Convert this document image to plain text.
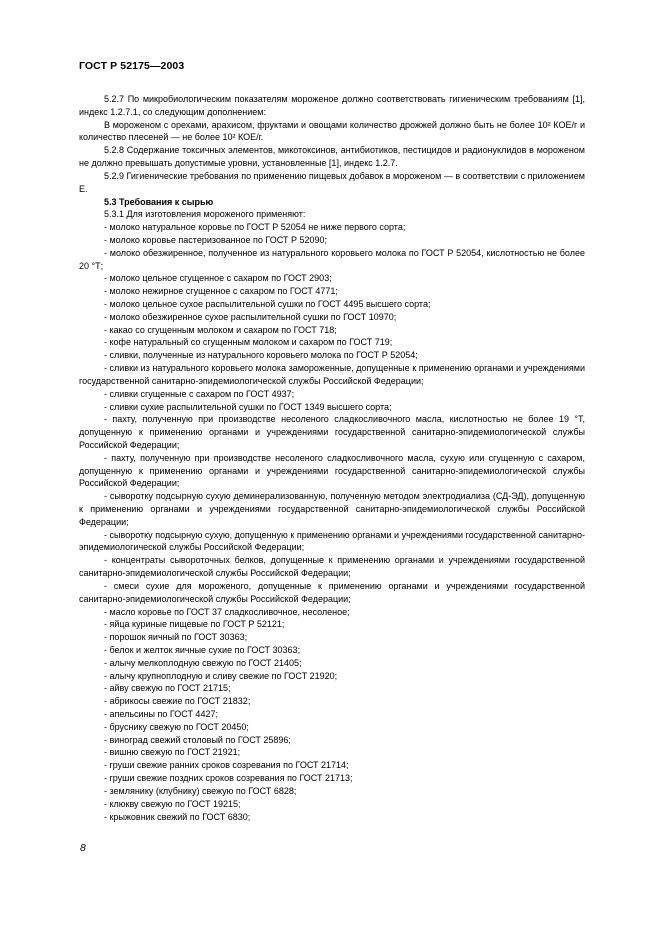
ГОСТ Р 52175—2003

5.2.7 По микробиологическим показателям мороженое должно соответствовать гигиеническим требованиям [1], индекс 1.2.7.1, со следующим дополнением:

В мороженом с орехами, арахисом, фруктами и овощами количество дрожжей должно быть не более 10² КОЕ/г и количество плесеней — не более 10² КОЕ/г.

5.2.8 Содержание токсичных элементов, микотоксинов, антибиотиков, пестицидов и радионуклидов в мороженом не должно превышать допустимые уровни, установленные [1], индекс 1.2.7.

5.2.9 Гигиенические требования по применению пищевых добавок в мороженом — в соответствии с приложением Е.

5.3 Требования к сырью

5.3.1 Для изготовления мороженого применяют:

- молоко натуральное коровье по ГОСТ Р 52054 не ниже первого сорта;

- молоко коровье пастеризованное по ГОСТ Р 52090;

- молоко обезжиренное, полученное из натурального коровьего молока по ГОСТ Р 52054, кислотностью не более 20 °Т;

- молоко цельное сгущенное с сахаром по ГОСТ 2903;

- молоко нежирное сгущенное с сахаром по ГОСТ 4771;

- молоко цельное сухое распылительной сушки по ГОСТ 4495 высшего сорта;

- молоко обезжиренное сухое распылительной сушки по ГОСТ 10970;

- какао со сгущенным молоком и сахаром по ГОСТ 718;

- кофе натуральный со сгущенным молоком и сахаром по ГОСТ 719;

- сливки, полученные из натурального коровьего молока по ГОСТ Р 52054;

- сливки из натурального коровьего молока замороженные, допущенные к применению органами и учреждениями государственной санитарно-эпидемиологической службы Российской Федерации;

- сливки сгущенные с сахаром по ГОСТ 4937;

- сливки сухие распылительной сушки по ГОСТ 1349 высшего сорта;

- пахту, полученную при производстве несоленого сладкосливочного масла, кислотностью не более 19 °Т, допущенную к применению органами и учреждениями государственной санитарно-эпидемиологической службы Российской Федерации;

- пахту, полученную при производстве несоленого сладкосливочного масла, сухую или сгущенную с сахаром, допущенную к применению органами и учреждениями государственной санитарно-эпидемиологической службы Российской Федерации;

- сыворотку подсырную сухую деминерализованную, полученную методом электродиализа (СД-ЭД), допущенную к применению органами и учреждениями государственной санитарно-эпидемиологической службы Российской Федерации;

- сыворотку подсырную сухую, допущенную к применению органами и учреждениями государственной санитарно-эпидемиологической службы Российской Федерации;

- концентраты сывороточных белков, допущенные к применению органами и учреждениями государственной санитарно-эпидемиологической службы Российской Федерации;

- смеси сухие для мороженого, допущенные к применению органами и учреждениями государственной санитарно-эпидемиологической службы Российской Федерации;

- масло коровье по ГОСТ 37 сладкосливочное, несоленое;

- яйца куриные пищевые по ГОСТ Р 52121;

- порошок яичный по ГОСТ 30363;

- белок и желток яичные сухие по ГОСТ 30363;

- алычу мелкоплодную свежую по ГОСТ 21405;

- алычу крупноплодную и сливу свежие по ГОСТ 21920;

- айву свежую по ГОСТ 21715;

- абрикосы свежие по ГОСТ 21832;

- апельсины по ГОСТ 4427;

- бруснику свежую по ГОСТ 20450;

- виноград свежий столовый по ГОСТ 25896;

- вишню свежую по ГОСТ 21921;

- груши свежие ранних сроков созревания по ГОСТ 21714;

- груши свежие поздних сроков созревания по ГОСТ 21713;

- землянику (клубнику) свежую по ГОСТ 6828;

- клюкву свежую по ГОСТ 19215;

- крыжовник свежий по ГОСТ 6830;

8
